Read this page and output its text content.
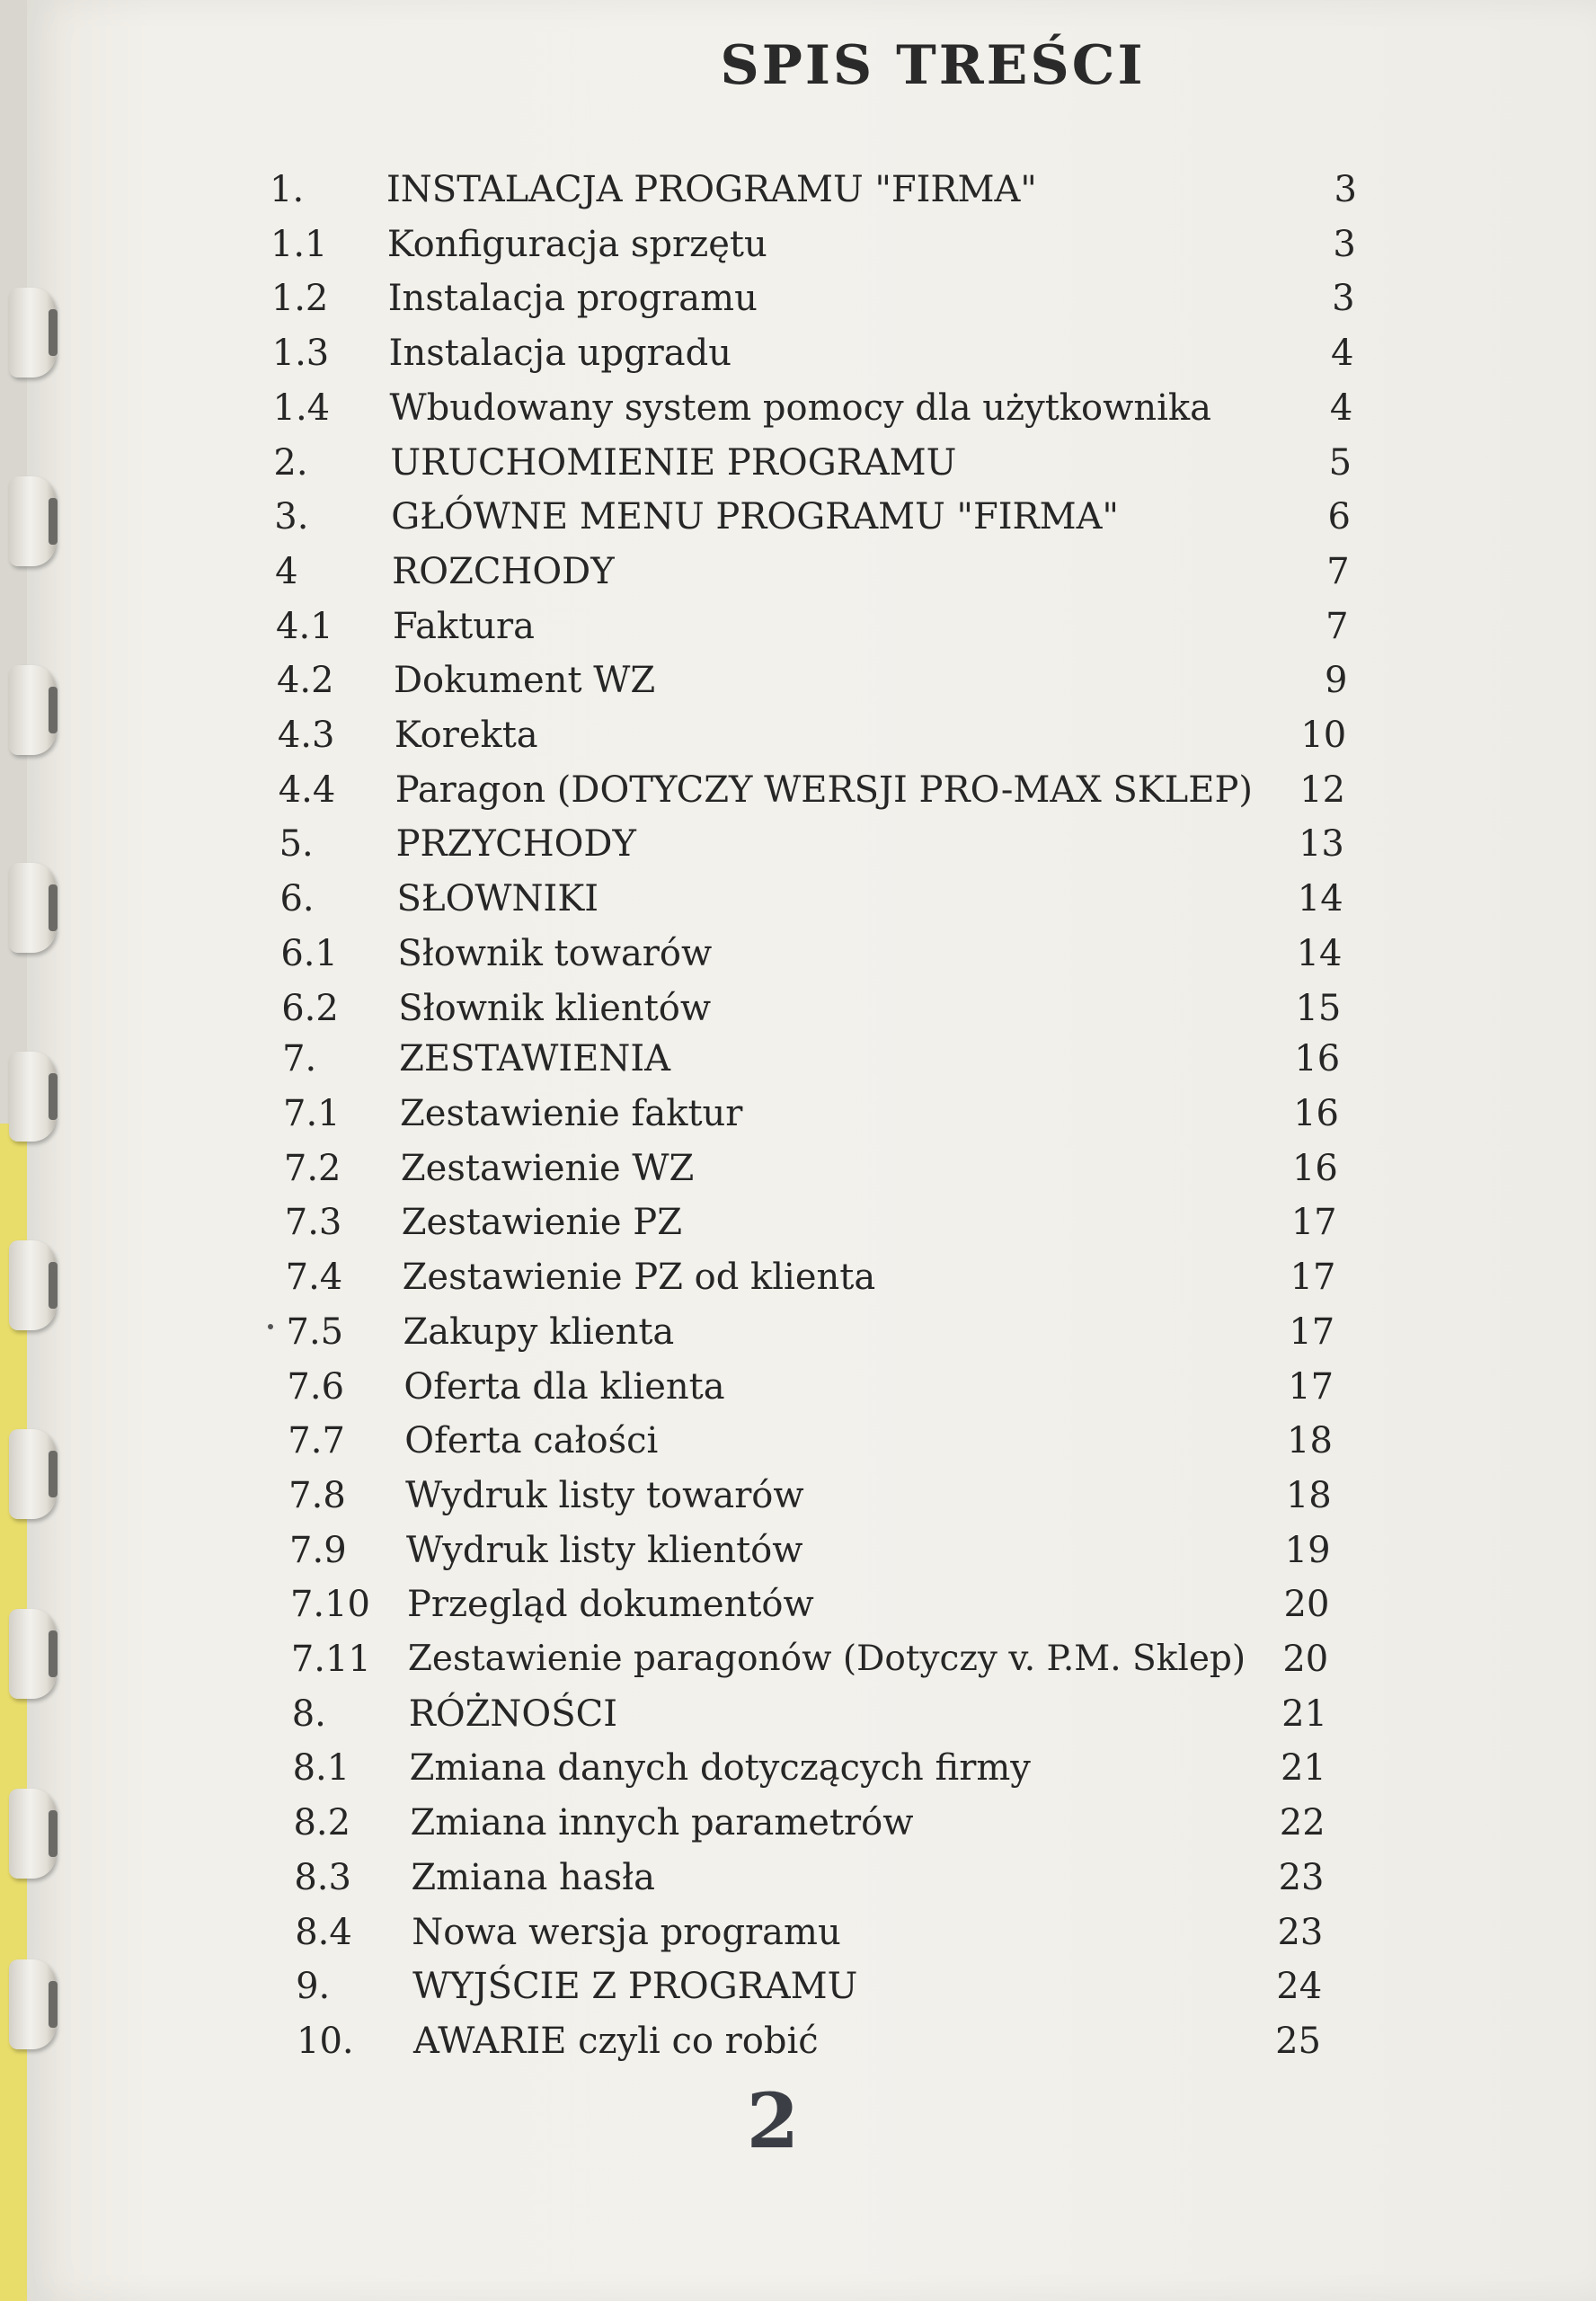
SPIS TREŚCI
1. INSTALACJA PROGRAMU "FIRMA"	3
1.1 Konfiguracja sprzętu	3
1.2 Instalacja programu	3
1.3 Instalacja upgradu	4
1.4 Wbudowany system pomocy dla użytkownika	4
2. URUCHOMIENIE PROGRAMU	5
3. GŁÓWNE MENU PROGRAMU "FIRMA"	6
4	ROZCHODY	7
4.1 Faktura	7
4.2 Dokument WZ	9
4.3 Korekta	10
4.4 Paragon (DOTYCZY WERSJI PRO-MAX SKLEP)	12
5. PRZYCHODY	13
6. SŁOWNIKI	14
6.1 Słownik towarów	14
6.2 Słownik klientów	15
7. ZESTAWIENIA	16
7.1 Zestawienie faktur	16
7.2 Zestawienie WZ	16
7.3 Zestawienie PZ	17
7.4 Zestawienie PZ od klienta	17
7.5 Zakupy klienta	17
7.6 Oferta dla klienta	17
7.7 Oferta całości	18
7.8 Wydruk listy towarów	18
7.9 Wydruk listy klientów	19
7.10 Przegląd dokumentów	20
7.11 Zestawienie paragonów (Dotyczy v. P.M. Sklep)	20
8. RÓŻNOŚCI	21
8.1 Zmiana danych dotyczących firmy	21
8.2 Zmiana innych parametrów	22
8.3 Zmiana hasła	23
8.4 Nowa wersja programu	23
9. WYJŚCIE Z PROGRAMU	24
10. AWARIE czyli co robić	25
2
